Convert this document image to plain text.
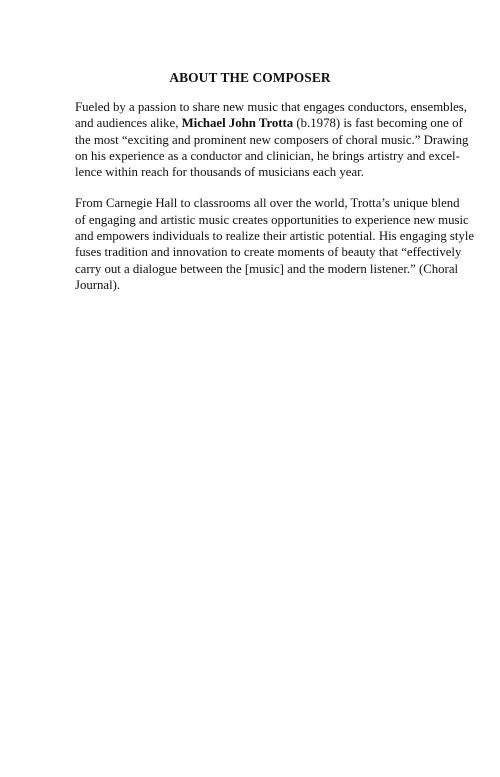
ABOUT THE COMPOSER

Fueled by a passion to share new music that engages conductors, ensembles,
and audiences alike, Michael John Trotta (b.1978) is fast becoming one of
the most “exciting and prominent new composers of choral music.” Drawing
on his experience as a conductor and clinician, he brings artistry and excel-
lence within reach for thousands of musicians each year.

From Carnegie Hall to classrooms all over the world, Trotta’s unique blend
of engaging and artistic music creates opportunities to experience new music
and empowers individuals to realize their artistic potential. His engaging style
fuses tradition and innovation to create moments of beauty that “effectively
carry out a dialogue between the [music] and the modern listener.” (Choral
Journal).
